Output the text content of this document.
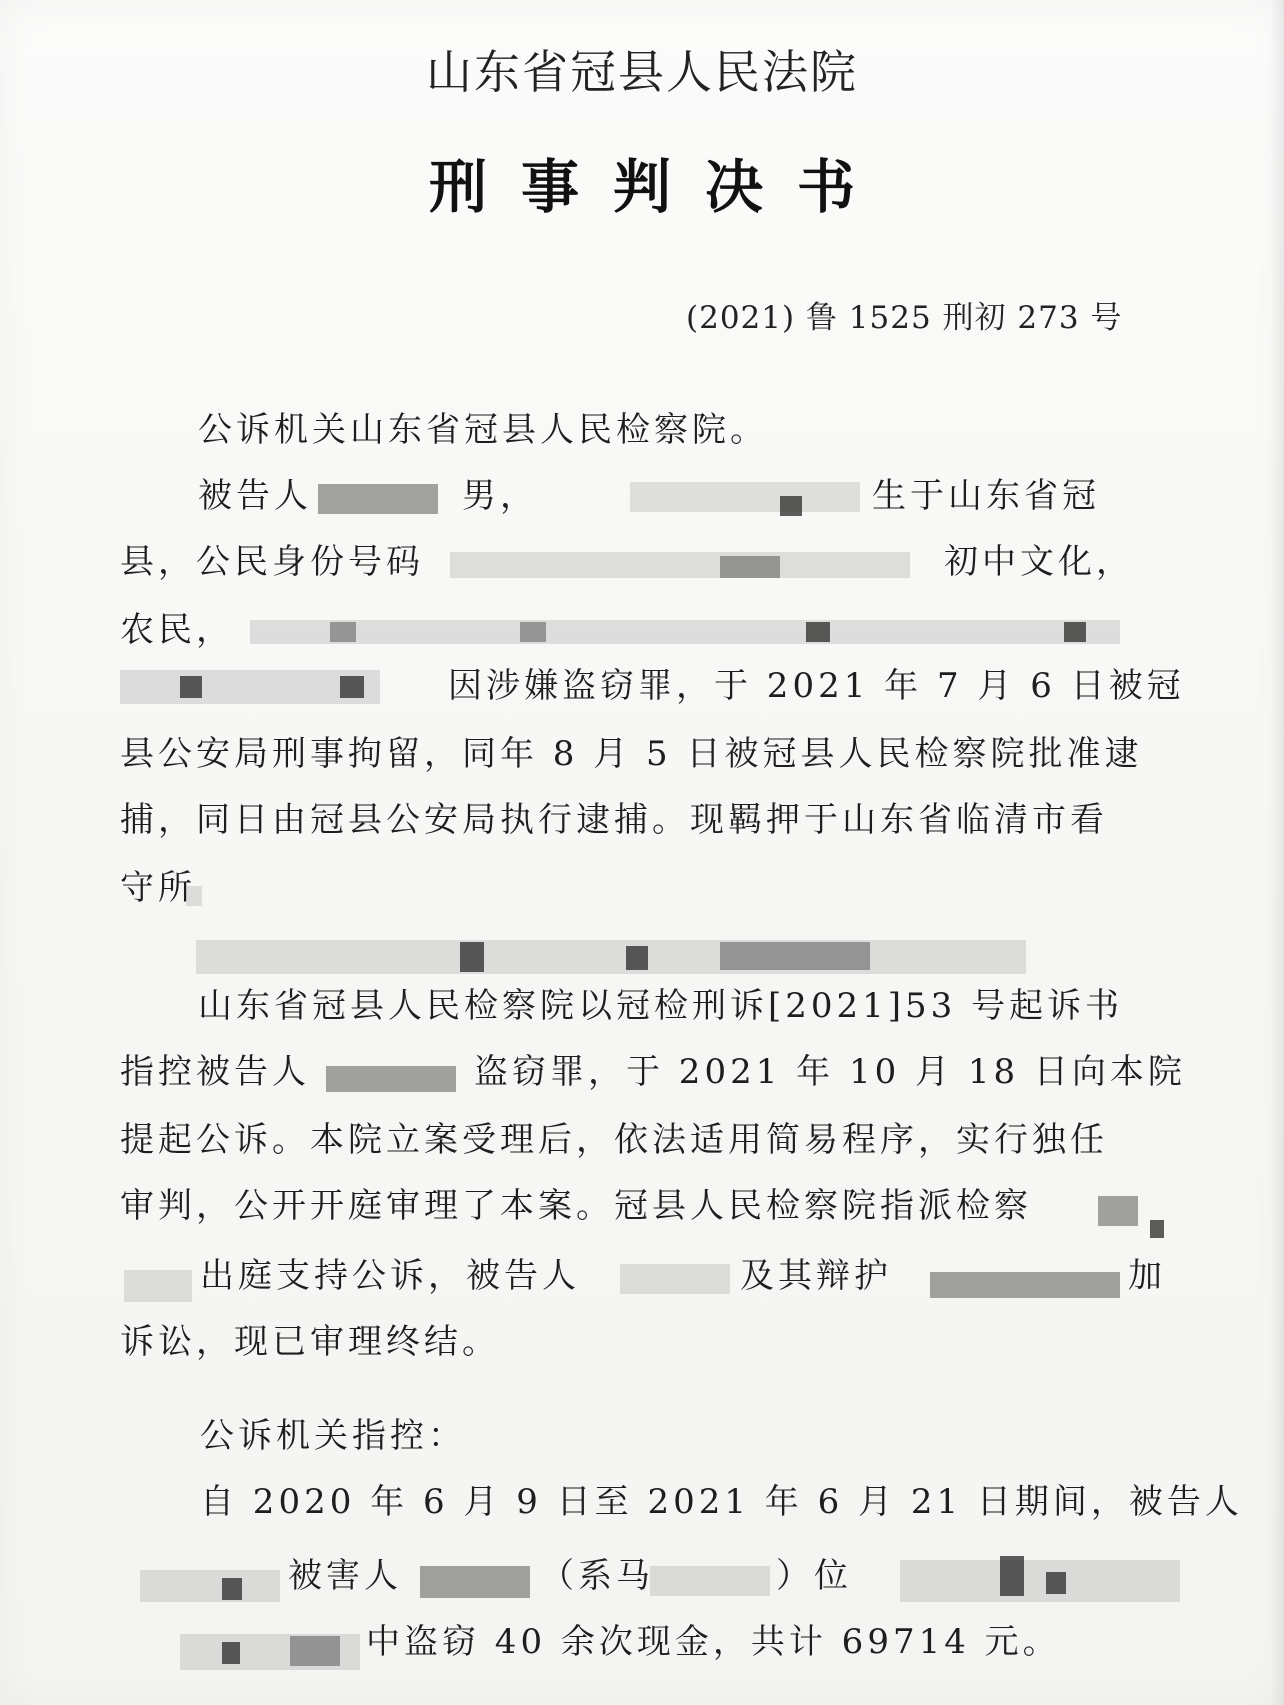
山东省冠县人民法院
刑事判决书
(2021) 鲁 1525 刑初 273 号
公诉机关山东省冠县人民检察院。
被告人	男，	生于山东省冠
县，公民身份号码	初中文化，
农民，
因涉嫌盗窃罪，于 2021 年 7 月 6 日被冠
县公安局刑事拘留，同年 8 月 5 日被冠县人民检察院批准逮
捕，同日由冠县公安局执行逮捕。现羁押于山东省临清市看
守所
山东省冠县人民检察院以冠检刑诉[2021]53 号起诉书
指控被告人	盗窃罪，于 2021 年 10 月 18 日向本院
提起公诉。本院立案受理后，依法适用简易程序，实行独任
审判，公开开庭审理了本案。冠县人民检察院指派检察
出庭支持公诉，被告人	及其辩护	加
诉讼，现已审理终结。
公诉机关指控：
自 2020 年 6 月 9 日至 2021 年 6 月 21 日期间，被告人
被害人	（系马	）位
中盗窃 40 余次现金，共计 69714 元。
